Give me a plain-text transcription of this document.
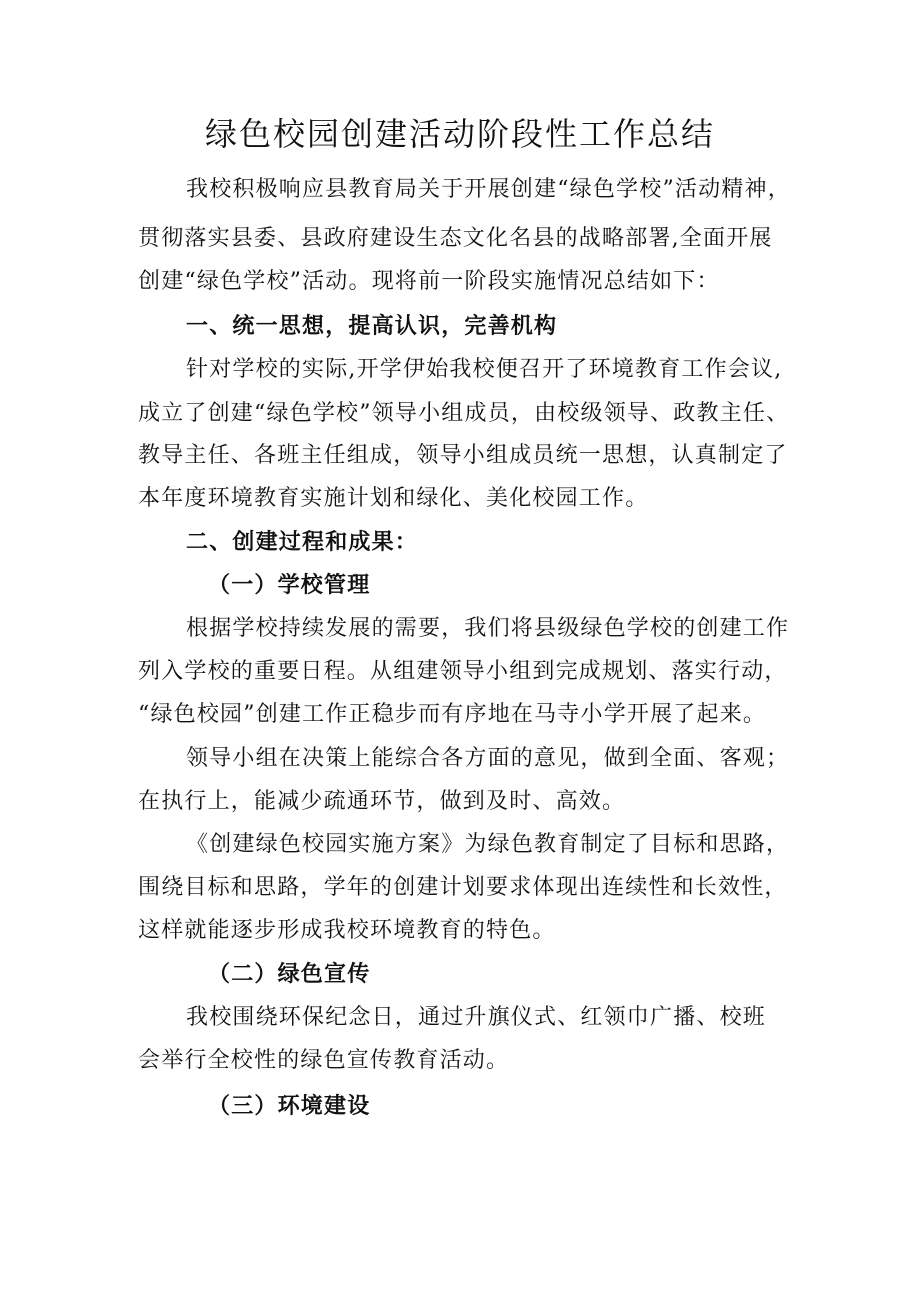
绿色校园创建活动阶段性工作总结
我校积极响应县教育局关于开展创建“绿色学校”活动精神，
贯彻落实县委、县政府建设生态文化名县的战略部署,全面开展
创建“绿色学校”活动。现将前一阶段实施情况总结如下：
一、统一思想，提高认识，完善机构
针对学校的实际,开学伊始我校便召开了环境教育工作会议,
成立了创建“绿色学校”领导小组成员，由校级领导、政教主任、
教导主任、各班主任组成，领导小组成员统一思想，认真制定了
本年度环境教育实施计划和绿化、美化校园工作。
二、创建过程和成果：
（一）学校管理
根据学校持续发展的需要，我们将县级绿色学校的创建工作
列入学校的重要日程。从组建领导小组到完成规划、落实行动，
“绿色校园”创建工作正稳步而有序地在马寺小学开展了起来。
领导小组在决策上能综合各方面的意见，做到全面、客观；
在执行上，能减少疏通环节，做到及时、高效。
《创建绿色校园实施方案》为绿色教育制定了目标和思路，
围绕目标和思路，学年的创建计划要求体现出连续性和长效性，
这样就能逐步形成我校环境教育的特色。
（二）绿色宣传
我校围绕环保纪念日，通过升旗仪式、红领巾广播、校班
会举行全校性的绿色宣传教育活动。
（三）环境建设
